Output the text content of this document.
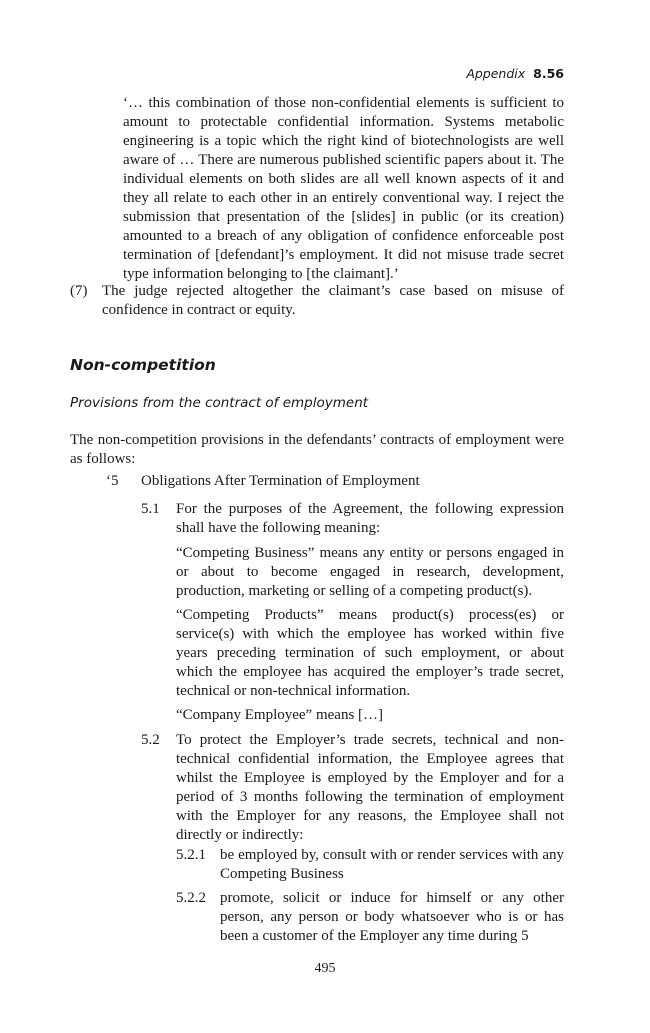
Appendix 8.56
‘… this combination of those non-confidential elements is sufficient to amount to protectable confidential information. Systems metabolic engineering is a topic which the right kind of biotechnologists are well aware of … There are numerous published scientific papers about it. The individual elements on both slides are all well known aspects of it and they all relate to each other in an entirely conventional way. I reject the submission that presentation of the [slides] in public (or its creation) amounted to a breach of any obligation of confidence enforceable post termination of [defendant]’s employment. It did not misuse trade secret type information belonging to [the claimant].’
(7) The judge rejected altogether the claimant’s case based on misuse of confidence in contract or equity.
Non-competition
Provisions from the contract of employment
The non-competition provisions in the defendants’ contracts of employment were as follows:
‘5 Obligations After Termination of Employment
5.1 For the purposes of the Agreement, the following expression shall have the following meaning:
“Competing Business” means any entity or persons engaged in or about to become engaged in research, development, production, marketing or selling of a competing product(s).
“Competing Products” means product(s) process(es) or service(s) with which the employee has worked within five years preceding termination of such employment, or about which the employee has acquired the employer’s trade secret, technical or non-technical information.
“Company Employee” means […]
5.2 To protect the Employer’s trade secrets, technical and non-technical confidential information, the Employee agrees that whilst the Employee is employed by the Employer and for a period of 3 months following the termination of employment with the Employer for any reasons, the Employee shall not directly or indirectly:
5.2.1 be employed by, consult with or render services with any Competing Business
5.2.2 promote, solicit or induce for himself or any other person, any person or body whatsoever who is or has been a customer of the Employer any time during 5
495
